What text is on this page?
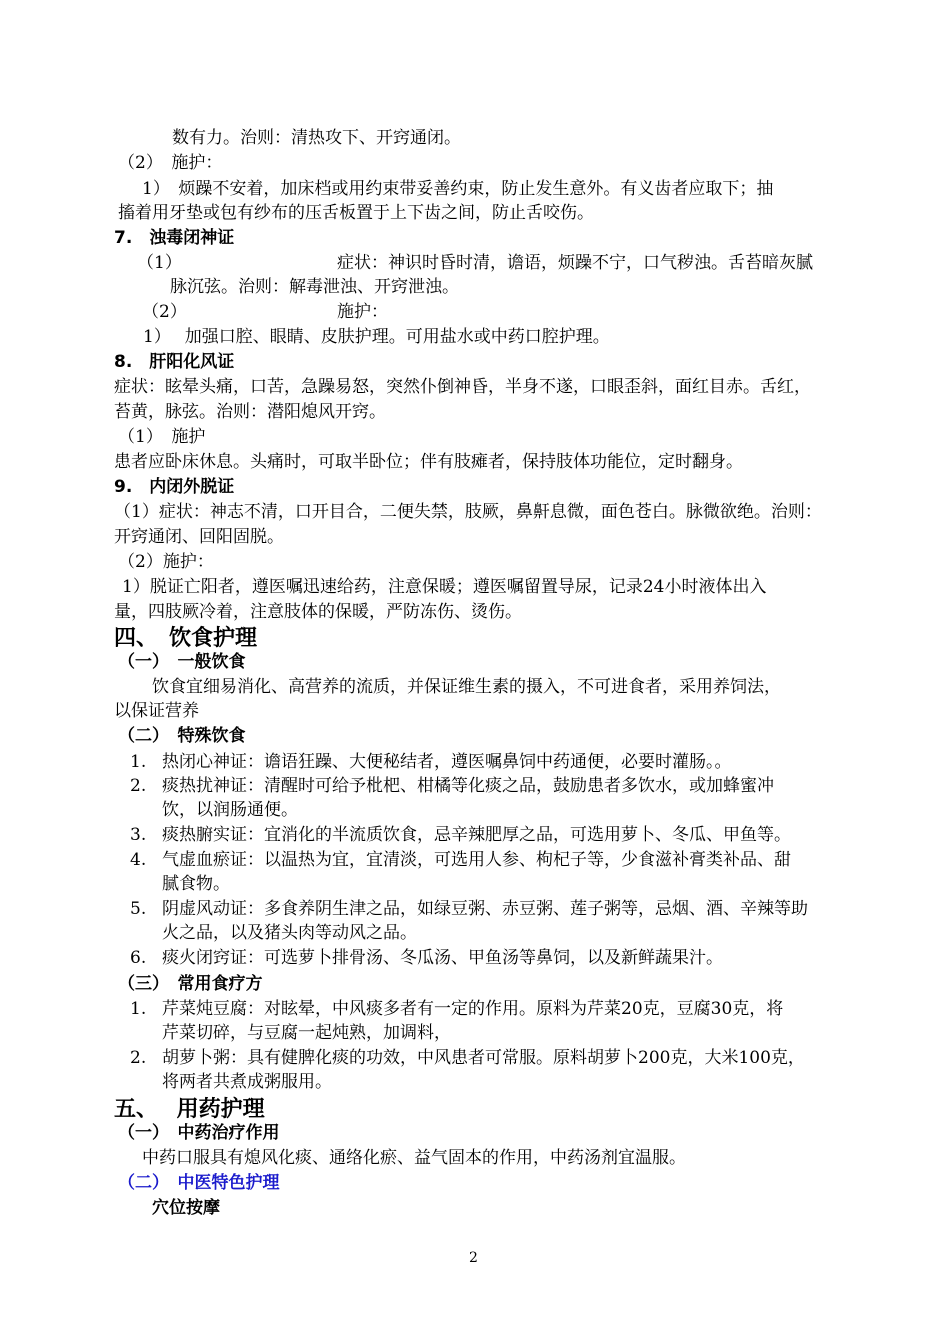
数有力。治则：清热攻下、开窍通闭。
（2）　施护：
1）　烦躁不安着，加床档或用约束带妥善约束，防止发生意外。有义齿者应取下；抽
搐着用牙垫或包有纱布的压舌板置于上下齿之间，防止舌咬伤。
7.　浊毒闭神证
（1）	症状：神识时昏时清，谵语，烦躁不宁，口气秽浊。舌苔暗灰腻
脉沉弦。治则：解毒泄浊、开窍泄浊。
（2）	施护：
1）　 加强口腔、眼睛、皮肤护理。可用盐水或中药口腔护理。
8.　肝阳化风证
症状：眩晕头痛，口苦，急躁易怒，突然仆倒神昏，半身不遂，口眼歪斜，面红目赤。舌红，
苔黄，脉弦。治则：潜阳熄风开窍。
（1）　施护
患者应卧床休息。头痛时，可取半卧位；伴有肢瘫者，保持肢体功能位，定时翻身。
9.　内闭外脱证
（1）症状：神志不清，口开目合，二便失禁，肢厥，鼻鼾息微，面色苍白。脉微欲绝。治则：
开窍通闭、回阳固脱。
（2）施护：
1）脱证亡阳者，遵医嘱迅速给药，注意保暖；遵医嘱留置导尿，记录24小时液体出入
量，四肢厥冷着，注意肢体的保暖，严防冻伤、烫伤。
四、　饮食护理
（一）　一般饮食
饮食宜细易消化、高营养的流质，并保证维生素的摄入，不可进食者，采用养饲法，
以保证营养
（二）　特殊饮食
1. 热闭心神证：谵语狂躁、大便秘结者，遵医嘱鼻饲中药通便，必要时灌肠。。
2. 痰热扰神证：清醒时可给予枇杷、柑橘等化痰之品，鼓励患者多饮水，或加蜂蜜冲
饮，以润肠通便。
3. 痰热腑实证：宜消化的半流质饮食，忌辛辣肥厚之品，可选用萝卜、冬瓜、甲鱼等。
4. 气虚血瘀证：以温热为宜，宜清淡，可选用人参、枸杞子等，少食滋补膏类补品、甜
腻食物。
5. 阴虚风动证：多食养阴生津之品，如绿豆粥、赤豆粥、莲子粥等，忌烟、酒、辛辣等助
火之品，以及猪头肉等动风之品。
6. 痰火闭窍证：可选萝卜排骨汤、冬瓜汤、甲鱼汤等鼻饲，以及新鲜蔬果汁。
（三）　常用食疗方
1. 芹菜炖豆腐：对眩晕，中风痰多者有一定的作用。原料为芹菜20克，豆腐30克，将
芹菜切碎，与豆腐一起炖熟，加调料，
2. 胡萝卜粥：具有健脾化痰的功效，中风患者可常服。原料胡萝卜200克，大米100克，
将两者共煮成粥服用。
五、　 用药护理
（一）　中药治疗作用
中药口服具有熄风化痰、通络化瘀、益气固本的作用，中药汤剂宜温服。
（二）　中医特色护理
穴位按摩
2
